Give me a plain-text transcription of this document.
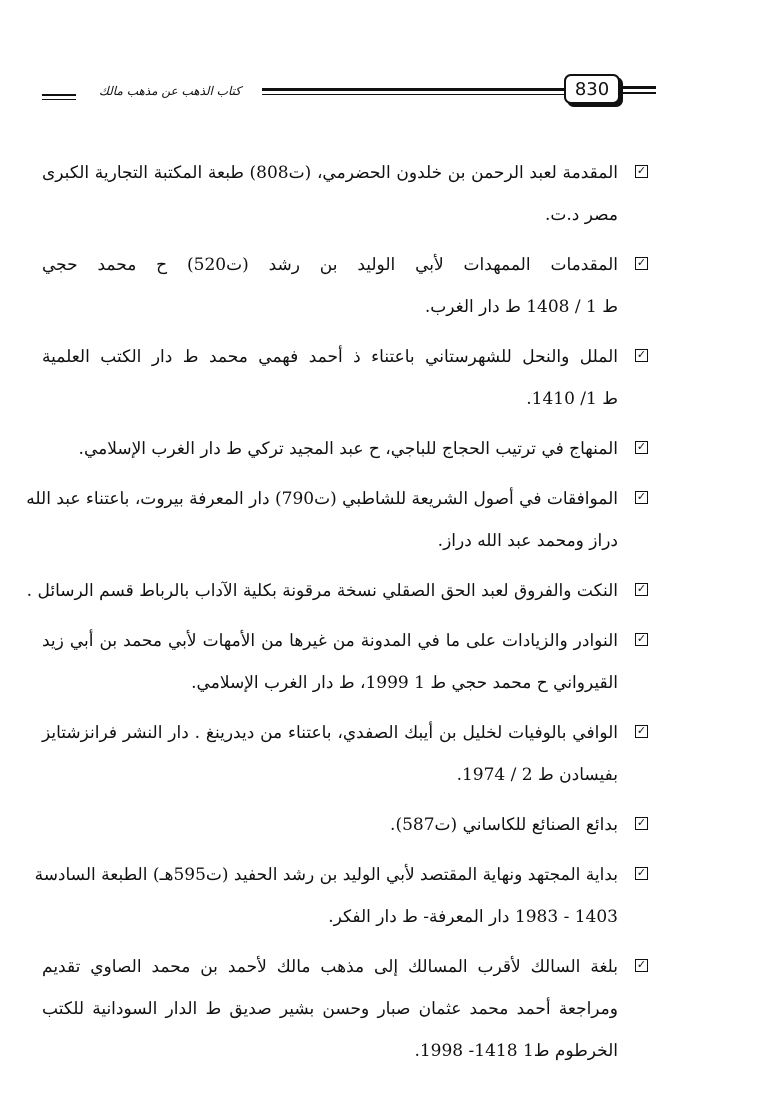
كتاب الذهب عن مذهب مالك	830
✓
المقدمة لعبد الرحمن بن خلدون الحضرمي، (ت808) طبعة المكتبة التجارية الكبرى
مصر د.ت.
✓
المقدمات الممهدات لأبي الوليد بن رشد (ت520) ح محمد حجي
ط 1 / 1408 ط دار الغرب.
✓
الملل والنحل للشهرستاني باعتناء ذ أحمد فهمي محمد ط دار الكتب العلمية
ط 1/ 1410.
✓
المنهاج في ترتيب الحجاج للباجي، ح عبد المجيد تركي ط دار الغرب الإسلامي.
✓
الموافقات في أصول الشريعة للشاطبي (ت790) دار المعرفة بيروت، باعتناء عبد الله
دراز ومحمد عبد الله دراز.
✓
النكت والفروق لعبد الحق الصقلي نسخة مرقونة بكلية الآداب بالرباط قسم الرسائل .
✓
النوادر والزيادات على ما في المدونة من غيرها من الأمهات لأبي محمد بن أبي زيد
القيرواني ح محمد حجي ط 1 1999، ط دار الغرب الإسلامي.
✓
الوافي بالوفيات لخليل بن أيبك الصفدي، باعتناء من ديدرينغ . دار النشر فرانزشتايز
بفيسادن ط 2 / 1974.
✓
بدائع الصنائع للكاساني (ت587).
✓
بداية المجتهد ونهاية المقتصد لأبي الوليد بن رشد الحفيد (ت595هـ) الطبعة السادسة
1403 - 1983 دار المعرفة- ط دار الفكر.
✓
بلغة السالك لأقرب المسالك إلى مذهب مالك لأحمد بن محمد الصاوي تقديم
ومراجعة أحمد محمد عثمان صبار وحسن بشير صديق ط الدار السودانية للكتب
الخرطوم ط1 1418- 1998.
